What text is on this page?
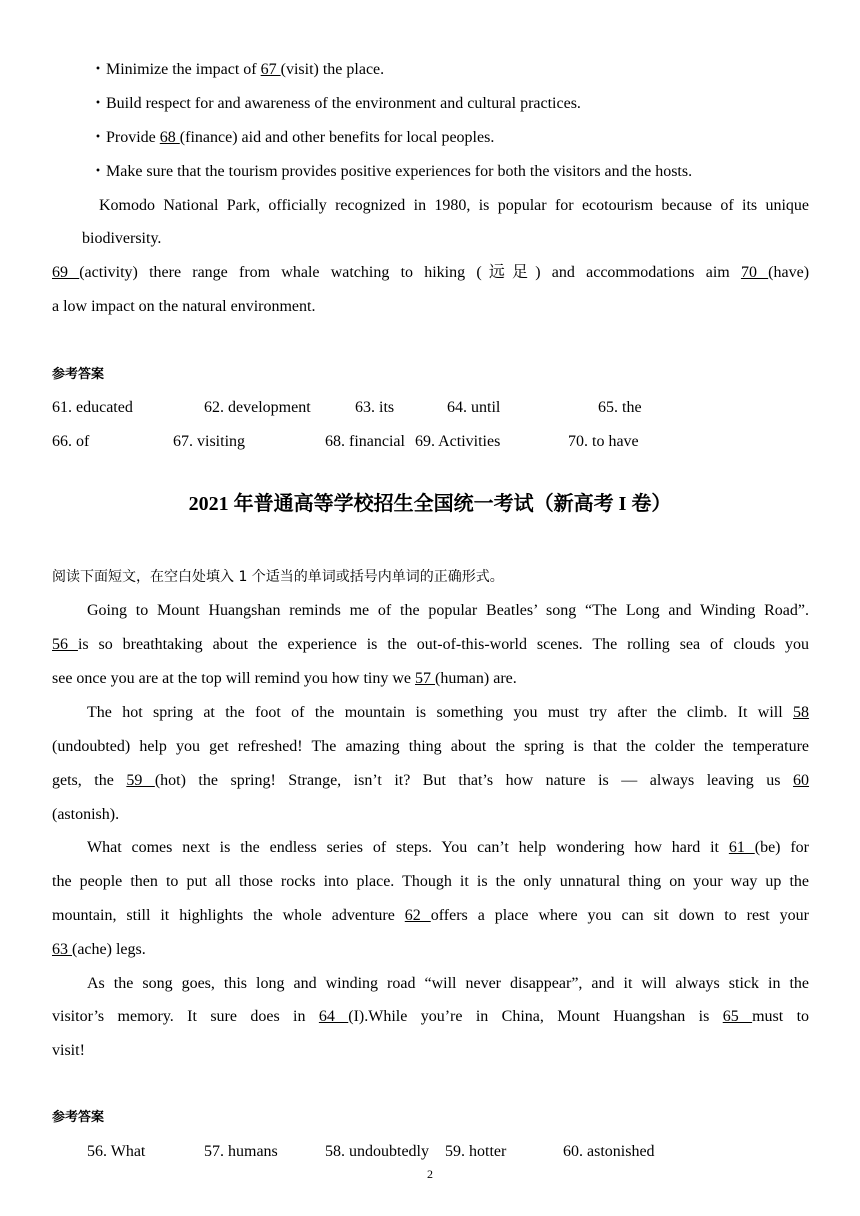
・Minimize the impact of 67 (visit) the place.
・Build respect for and awareness of the environment and cultural practices.
・Provide 68 (finance) aid and other benefits for local peoples.
・Make sure that the tourism provides positive experiences for both the visitors and the hosts.
Komodo National Park, officially recognized in 1980, is popular for ecotourism because of its unique
biodiversity.
69 (activity) there range from whale watching to hiking (远足) and accommodations aim 70 (have)
a low impact on the natural environment.
参考答案
61. educated	62. development	63. its	64. until	65. the
66. of	67. visiting	68. financial 69. Activities	70. to have
2021 年普通高等学校招生全国统一考试（新高考 I 卷）
阅读下面短文，在空白处填入 1 个适当的单词或括号内单词的正确形式。
Going to Mount Huangshan reminds me of the popular Beatles’ song “The Long and Winding Road”.
56 is so breathtaking about the experience is the out-of-this-world scenes. The rolling sea of clouds you
see once you are at the top will remind you how tiny we 57 (human) are.
The hot spring at the foot of the mountain is something you must try after the climb. It will 58
(undoubted) help you get refreshed! The amazing thing about the spring is that the colder the temperature
gets, the 59 (hot) the spring! Strange, isn’t it? But that’s how nature is — always leaving us 60
(astonish).
What comes next is the endless series of steps. You can’t help wondering how hard it 61 (be) for
the people then to put all those rocks into place. Though it is the only unnatural thing on your way up the
mountain, still it highlights the whole adventure 62 offers a place where you can sit down to rest your
63 (ache) legs.
As the song goes, this long and winding road “will never disappear”, and it will always stick in the
visitor’s memory. It sure does in 64 (I).While you’re in China, Mount Huangshan is 65 must to
visit!
参考答案
56. What	57. humans	58. undoubtedly 59. hotter	60. astonished
2
